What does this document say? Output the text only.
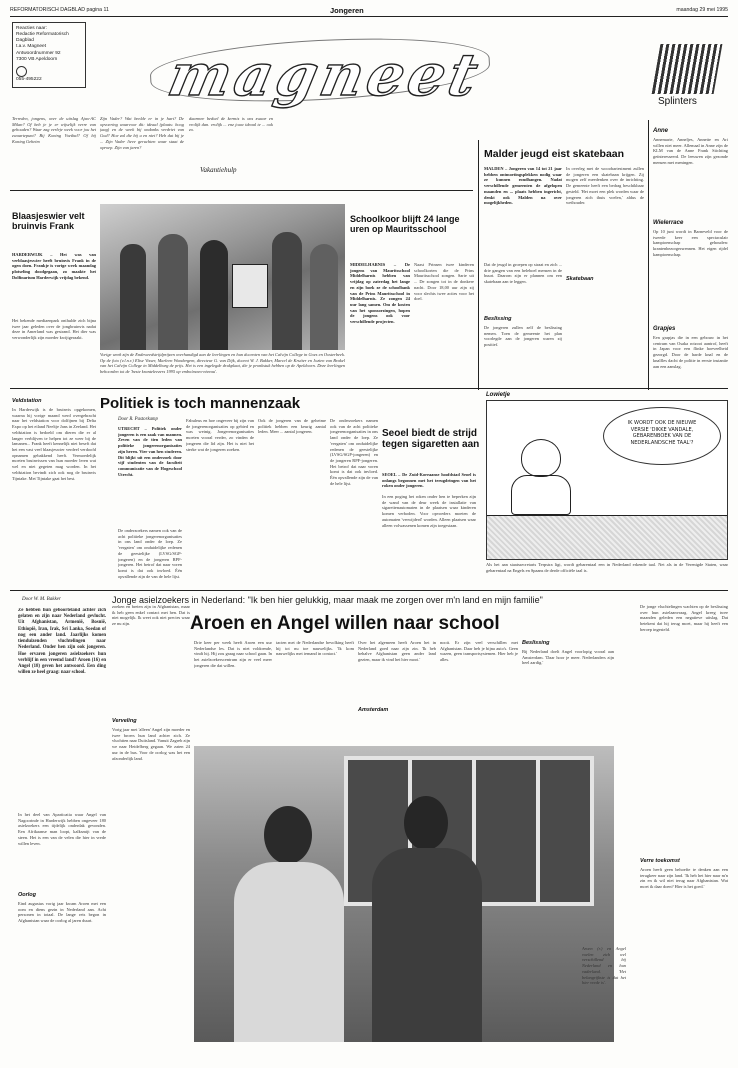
REFORMATORISCH DAGBLAD pagina 11	Jongeren	maandag 29 mei 1995
Reacties naar:
Redactie Reformatorisch Dagblad
t.a.v. Magneet
Antwoordnummer 92
7300 VB Apeldoorn
055-495222	magneet	Splinters
Terreden, jongens, over de uitslag Ajax-AC Milan? Of heb je je er wijselijk verre van gehouden? Waar zag verleje week voor jou het zwaartepunt? Bij Koning Voetbal? Of bij Koning Geheim
Zijn Vader? Wat beelde er in je hart? De opvoering waarvoor dit: ideaal (plaats: hoog jaag) en de week bij ondanks verdriet van God? Hoe zal die bij u en niet? Heb dat bij je ... Zijn Vader lieve geruchten waar staat de oproep. Zijn van jaren?
daarmee bedoel de kermis is ons zwaar en vrolijk dan. vrolijk ... enz jouw ideaal te ... ook zo.
Vakantiehulp
Blaasjeswier velt bruinvis Frank
HARDERWIJK – Het was van verblaasjeswier heeft bruinvis Frank in de ogen doen. Frankje is vorige week maandag plotseling doodgegaan, zo maakte het Dolfinarium Harderwijk vrijdag bekend.
Het bekende mediaenpark onthulde zich bijna twee jaar geleden over de jongbruinvis nadat deze in Amerland was gestrand. Het dier was verwonderlijk zijn moeder kwijtgeraakt.
Veldstation
In Harderwijk is de bruinvis opgekomen, waarna hij vorige maand werd overgebracht naar het veldstation voor dolfijnen bij Delta Expo op het eiland Neeltje Jans in Zeeland. Het veldstation is bedoeld om dieren die er al langer verblijven te helpen tot ze weer bij de lamanen... Frank heeft kennelijk niet beseft dat het een vast veel blaasjeswier verdeel verdoofd opnamen gebakkend heeft. Vermoedelijk moeten bruinvissen van hun moeder leren wat wel en niet gegeten mag worden. In het veldstation bevindt zich ook nog de bruinvis Tijntake. Met Tijntake gaat het best.
Vorige week zijn de Endeweedstrijdprijzen overhandigd aan de leerlingen en hun docenten van het Calvijn College in Goes en Oosterbeek. Op de foto (v.l.n.r.) Elise Visser, Marleen Wondergem, directeur G. van Dijk, docent W. J. Bakker, Marcel de Kruiter en Jozien van Brakel van het Calvijn College in Middelburg de prijs. Het is een ingelegde drukplaat, die je pronkstuk hebben op de Apeldoorn. Deze leerlingen behoorden tot de 'beste kranteleezers 1995 op vmbo/mavo-niveau'.
Schoolkoor blijft 24 lange uren op Mauritsschool
MIDDELHARNIS – De jongens van Mauritsschool Middelharnis hebben van vrijdag op zaterdag het lange en zijn boek ze de schoolbank van de Prins Mauritsschool in Middelharnis. Ze zongen 24 uur lang samen. Om de kosten van het sponsorzingen, hopen de jongens ook voor verschillende projecten.
Naast Prinsen twee kinderen schoolkorten die de Prins Mauritsschool zongen. Sarie uit ... De zongen tot in de donkere nacht. Door 18,00 uur zijn zij voor slechts twee acties voor het doel.
Malder jeugd eist skatebaan
MALDEN – Jongeren van 14 tot 21 jaar hebben ontmoetingsplekken nodig waar ze kunnen rondhangen. Nadat verschillende gemeenten de afgelopen maanden en ... plaats hebben ingericht, denkt ook Malden na over mogelijkheden.
Dat de jeugd in groepen op straat en zich ... drie gangen van een heleboel mensen in de buurt. Daarom zijn er plannen om een skatebaan aan te leggen.	Skatebaan
In overleg met de wooobartestment zullen de jongeren een skatebaan krijgen. Zij mogen zelf meedenken over de inrichting. De gemeente heeft een bedrag beschikbaar gesteld. 'Het moet een plek worden waar de jongeren zich thuis voelen,' aldus de wethouder.
Beslissing
De jongeren zullen zelf de beslissing nemen. Toen de gemeente het plan voorlegde aan de jongeren waren zij positief.
Anne
Annemarie, Anneljes, Annette en Ari willen niet meer. Allemaal in Anne zijn de KLM van de Anne Frank Stichting geïnteresseerd. De leeuwen zijn gezonde mensen met meningen.
Wielerrace
Op 10 juni wordt in Barneveld voor de tweede keer een spectaculair kampioenschap gehouden: krantenbezorgersrennen. Het eigen rijdel kampioenschap.
Grapjes
Een grapjas die in een gebouw in het centrum van Osaka rotzooi aantrof, heeft in Japan voor een flinke hoeveelheid gezorgd. Door de harde knal en de knalfles dacht de politie in eerste instantie aan een aanslag.
Politiek is toch mannenzaak
Door R. Pastorkamp
UTRECHT – Politiek onder jongeren is een zaak van mannen. Zeven van de tien leden van politieke jongerenorganisaties zijn heren. Vier van hen studeren. Dit blijkt uit een onderzoek door vijf studenten van de faculteit communicatie van de Hogeschool Utrecht.
De onderzoekers namen ook van de acht politieke jongerenorganisaties in ons land onder de loep. Ze 'vergaten' om onduidelijke redenen de geestelijke (LVSG/SGP-jongeren) en de jongeren RPF-jongeren. Het betrof dat naar voren komt is dat ook invloed. Één opvallende zijn de van de hele lijst.
Fabuleus en hoe ongeveer bij zijn van de jongerenorganisaties op gebied en was weinig. Jongerenorganisaties moeten vooral verder, zo vinden de jongeren die lid zijn. Het is niet het sterke wat de jongeren zoeken.
Ook de jongeren van de geheime politiek hebben een keurig aantal leden. Meer ... aantal jongeren.
De onderzoekers namen ook van de acht politieke jongerenorganisaties in ons land onder de loep. Ze 'vergaten' om onduidelijke redenen de geestelijke (LVSG/SGP-jongeren) en de jongeren RPF-jongeren. Het betrof dat naar voren komt is dat ook invloed. Één opvallende zijn de van de hele lijst.
Seoel biedt de strijd tegen sigaretten aan
SEOEL – De Zuid-Koreaanse hoofdstad Seoel is onlangs begonnen met het terugdringen van het roken onder jongeren.
In een poging het roken onder hen te beperken zijn de wand van de deur week de installatie van sigarettenautomaten in de plaatsen waar kinderen komen verboden. Voor opvoeders moeten de automaten 'verwijderd' worden. Alleen plaatsen waar alleen volwassenen komen zijn toegestaan.
Lowietje
IK WORDT OOK DE NIEUWE VERSIE 'DIKKE VANDALE, GEBARENBOEK VAN DE NEDERLANDSCHE TAAL'?
Als het aan staatssecretaris Terpstra ligt, wordt gebarentaal een in Nederland erkende taal. Net als in de Verenigde Staten, waar gebarentaal na Engels en Spaans de derde officiële taal is.
Door W. M. Bakker	Jonge asielzoekers in Nederland: "Ik ben hier gelukkig, maar maak me zorgen over m'n land en mijn familie"
Aroen en Angel willen naar school
Ze hebben hun geboorteland achter zich gelaten en zijn naar Nederland gevlucht. Uit Afghanistan, Armenië, Bosnië, Ethiopië, Iran, Irak, Sri Lanka, Soedan of nog een ander land. Jaarlijks komen tienduizenden vluchtelingen naar Nederland. Onder hen zijn ook jongeren. Hoe ervaren jongeren asielzoekers hun verblijf in een vreemd land? Aroen (16) en Angel (18) geven het antwoord. Een ding willen ze heel graag: naar school.
In het deel van Aparticatia waar Angel van Nagoorinde in Harderwijk hebben ongeveer 180 asielzoekers een tijdelijk onderdak gevonden. Een Afrikaanse man loopt, kalksmijt van de steen. Het is een van de velen die hier in vrede willen leven.
Oorlog
Eind augustus vorig jaar kwam Aroen met een oom en diens gezin in Nederland aan. Acht personen in totaal. De lange reis begon in Afghanistan waar de oorlog al jaren duurt.
zoeken en breien zijn in Afghanistan, maar ik heb geen enkel contact met hen. Dat is niet mogelijk. Ik weet ook niet precies waar ze nu zijn.
Verveling
Vorig jaar met 'alleen' Angel zijn moeder en twee broers hun land achter zich. Ze vluchtten naar Duitsland. Vanuit Zagreb zijn we naar Heidelberg gegaan. We zaten 24 uur in de bus. Voor de oorlog was het een afzonderlijk land.
Drie keer per week heeft Aroen een uur Nederlandse les. Dat is niet voldoende, vindt hij. Hij zou graag naar school gaan. In het asielzoekerscentrum zijn er veel meer jongeren die dat willen.
tacten met de Nederlandse bevolking heeft hij tot nu toe nauwelijks. 'Ik kom nauwelijks met iemand in contact.'
Amsterdam
Over het algemeen heeft Aroen het in Nederland goed naar zijn zin. 'Ik heb behalve Afghanistan geen ander land gezien, maar ik vind het hier mooi.'
nooit. Er zijn veel verschillen met Afghanistan. Daar heb je bijna auto's. Geen wazen, geen transportsystemen. Hier heb je alles.
Beslissing
Bij Nederland doelt Angel voorlopig vooral aan Amsterdam. 'Daar hoor je meer. Nederlanders zijn heel aardig.'
Aroen (r.) en Angel voelen zich wel verschillend bij Nederland en hun vaderland. 'Het belangrijkste is dat het hier vrede is'.
De jonge vluchtelingen wachten op de beslissing over hun asielaanvraag. Angel kreeg twee maanden geleden een negatieve uitslag. Dat betekent dat hij terug moet, maar hij heeft een beroep ingesteld.
Verre toekomst
Aroen heeft geen behoefte te denken aan een terugkeer naar zijn land. 'Ik heb het hier naar m'n zin en ik wil niet terug naar Afghanistan. Wat moet ik daar doen? Hier is het goed.'
